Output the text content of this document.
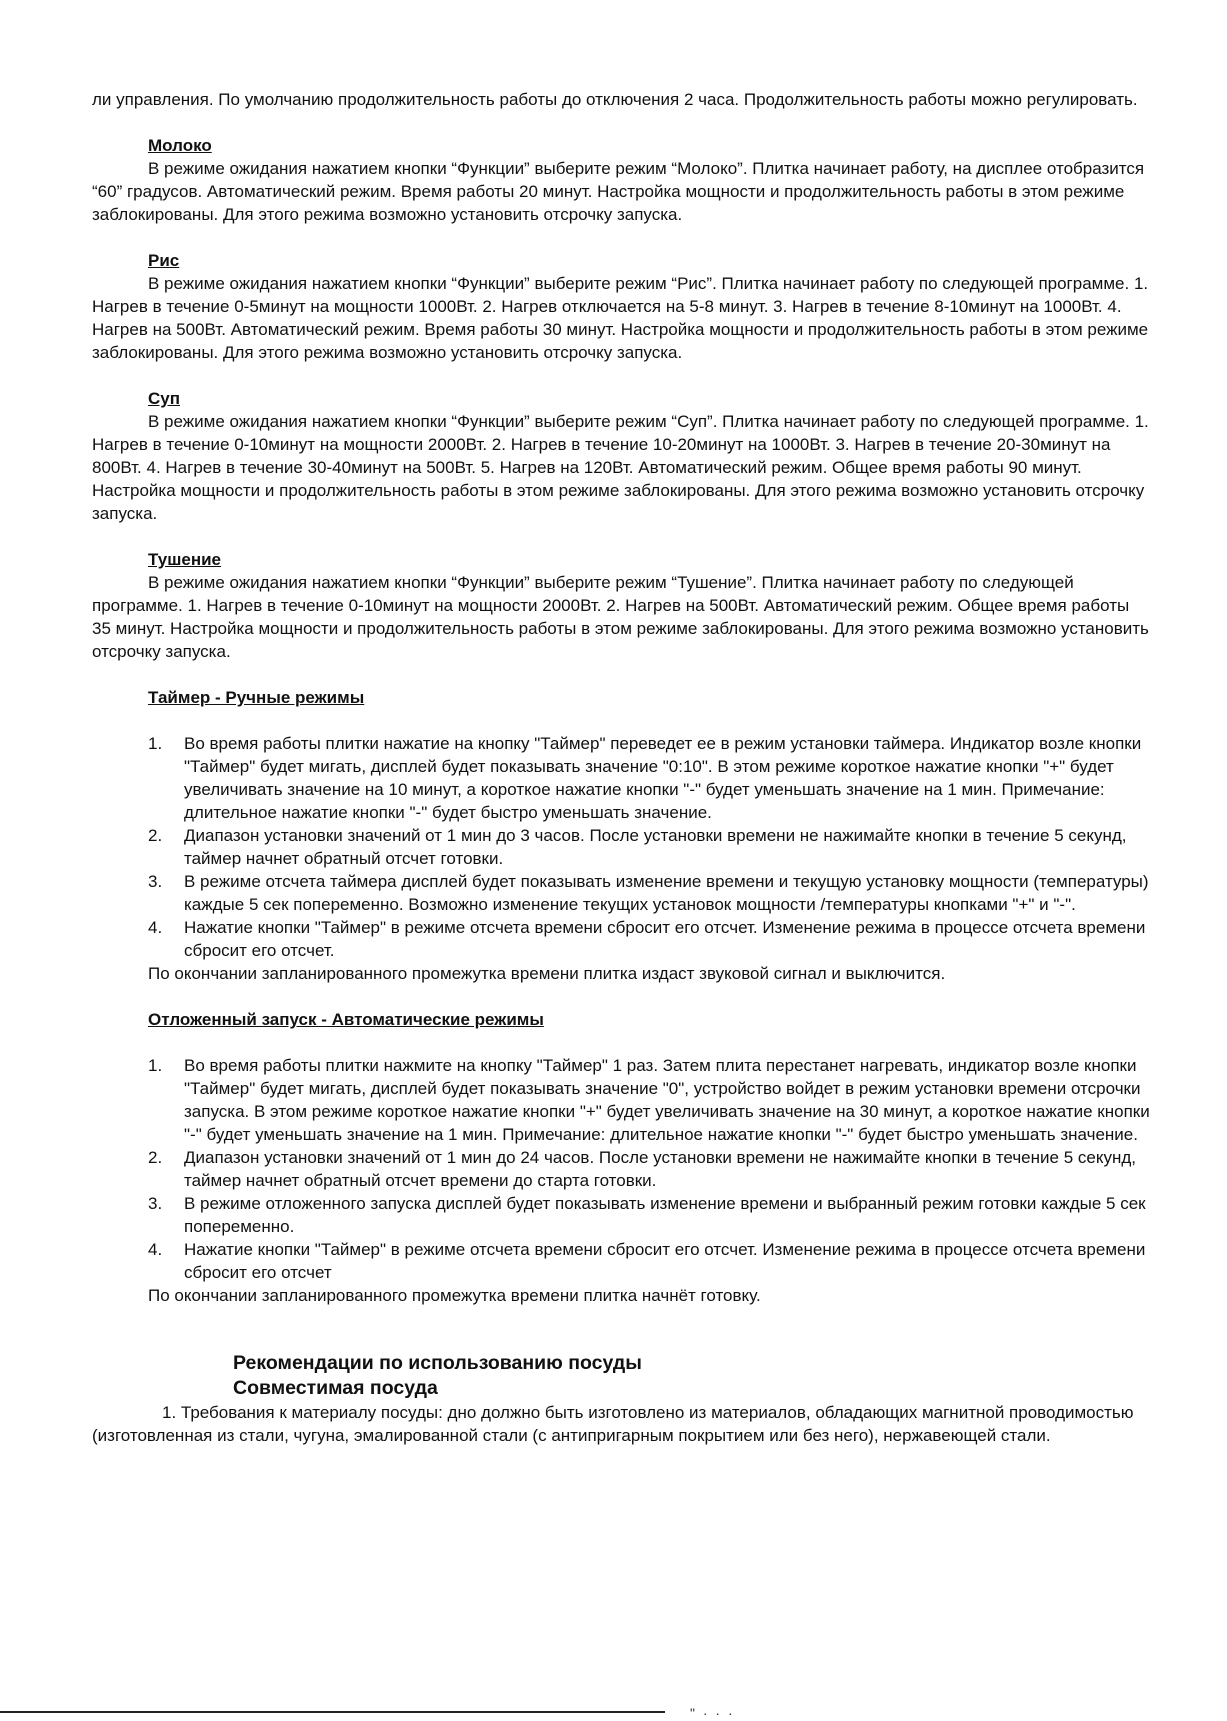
ли управления. По умолчанию продолжительность работы до отключения 2 часа. Продолжительность работы можно регулировать.

Молоко

В режиме ожидания нажатием кнопки “Функции” выберите режим “Молоко”. Плитка начинает работу, на дисплее отобразится “60” градусов. Автоматический режим. Время работы 20 минут. Настройка мощности и продолжительность работы в этом режиме заблокированы. Для этого режима возможно установить отсрочку запуска.

Рис

В режиме ожидания нажатием кнопки “Функции” выберите режим “Рис”. Плитка начинает работу по следующей программе. 1. Нагрев в течение 0-5минут на мощности 1000Вт. 2. Нагрев отключается на 5-8 минут. 3. Нагрев в течение 8-10минут на 1000Вт. 4. Нагрев на 500Вт. Автоматический режим. Время работы 30 минут. Настройка мощности и продолжительность работы в этом режиме заблокированы. Для этого режима возможно установить отсрочку запуска.

Суп

В режиме ожидания нажатием кнопки “Функции” выберите режим “Суп”. Плитка начинает работу по следующей программе. 1. Нагрев в течение 0-10минут на мощности 2000Вт. 2. Нагрев в течение 10-20минут на 1000Вт. 3. Нагрев в течение 20-30минут на 800Вт. 4. Нагрев в течение 30-40минут на 500Вт. 5. Нагрев на 120Вт. Автоматический режим. Общее время работы 90 минут. Настройка мощности и продолжительность работы в этом режиме заблокированы. Для этого режима возможно установить отсрочку запуска.

Тушение

В режиме ожидания нажатием кнопки “Функции” выберите режим “Тушение”. Плитка начинает работу по следующей программе. 1. Нагрев в течение 0-10минут на мощности 2000Вт. 2. Нагрев на 500Вт. Автоматический режим. Общее время работы 35 минут. Настройка мощности и продолжительность работы в этом режиме заблокированы. Для этого режима возможно установить отсрочку запуска.

Таймер - Ручные режимы

1. Во время работы плитки нажатие на кнопку "Таймер" переведет ее в режим установки таймера. Индикатор возле кнопки "Таймер" будет мигать, дисплей будет показывать значение "0:10". В этом режиме короткое нажатие кнопки "+" будет увеличивать значение на 10 минут, а короткое нажатие кнопки "-" будет уменьшать значение на 1 мин. Примечание: длительное нажатие кнопки "-" будет быстро уменьшать значение.
2. Диапазон установки значений от 1 мин до 3 часов. После установки времени не нажимайте кнопки в течение 5 секунд, таймер начнет обратный отсчет готовки.
3. В режиме отсчета таймера дисплей будет показывать изменение времени и текущую установку мощности (температуры) каждые 5 сек попеременно. Возможно изменение текущих установок мощности /температуры кнопками "+" и "-".
4. Нажатие кнопки "Таймер" в режиме отсчета времени сбросит его отсчет. Изменение режима в процессе отсчета времени сбросит его отсчет.

По окончании запланированного промежутка времени плитка издаст звуковой сигнал и выключится.

Отложенный запуск - Автоматические режимы

1. Во время работы плитки нажмите на кнопку "Таймер" 1 раз. Затем плита перестанет нагревать, индикатор возле кнопки "Таймер" будет мигать, дисплей будет показывать значение "0", устройство войдет в режим установки времени отсрочки запуска. В этом режиме короткое нажатие кнопки "+" будет увеличивать значение на 30 минут, а короткое нажатие кнопки "-" будет уменьшать значение на 1 мин. Примечание: длительное нажатие кнопки "-" будет быстро уменьшать значение.
2. Диапазон установки значений от 1 мин до 24 часов. После установки времени не нажимайте кнопки в течение 5 секунд, таймер начнет обратный отсчет времени до старта готовки.
3. В режиме отложенного запуска дисплей будет показывать изменение времени и выбранный режим готовки каждые 5 сек попеременно.
4. Нажатие кнопки "Таймер" в режиме отсчета времени сбросит его отсчет. Изменение режима в процессе отсчета времени сбросит его отсчет

По окончании запланированного промежутка времени плитка начнёт готовку.

Рекомендации по использованию посуды

Совместимая посуда

1. Требования к материалу посуды: дно должно быть изготовлено из материалов, обладающих магнитной проводимостью (изготовленная из стали, чугуна, эмалированной стали (с антипригарным покрытием или без него), нержавеющей стали.

" · · ·
